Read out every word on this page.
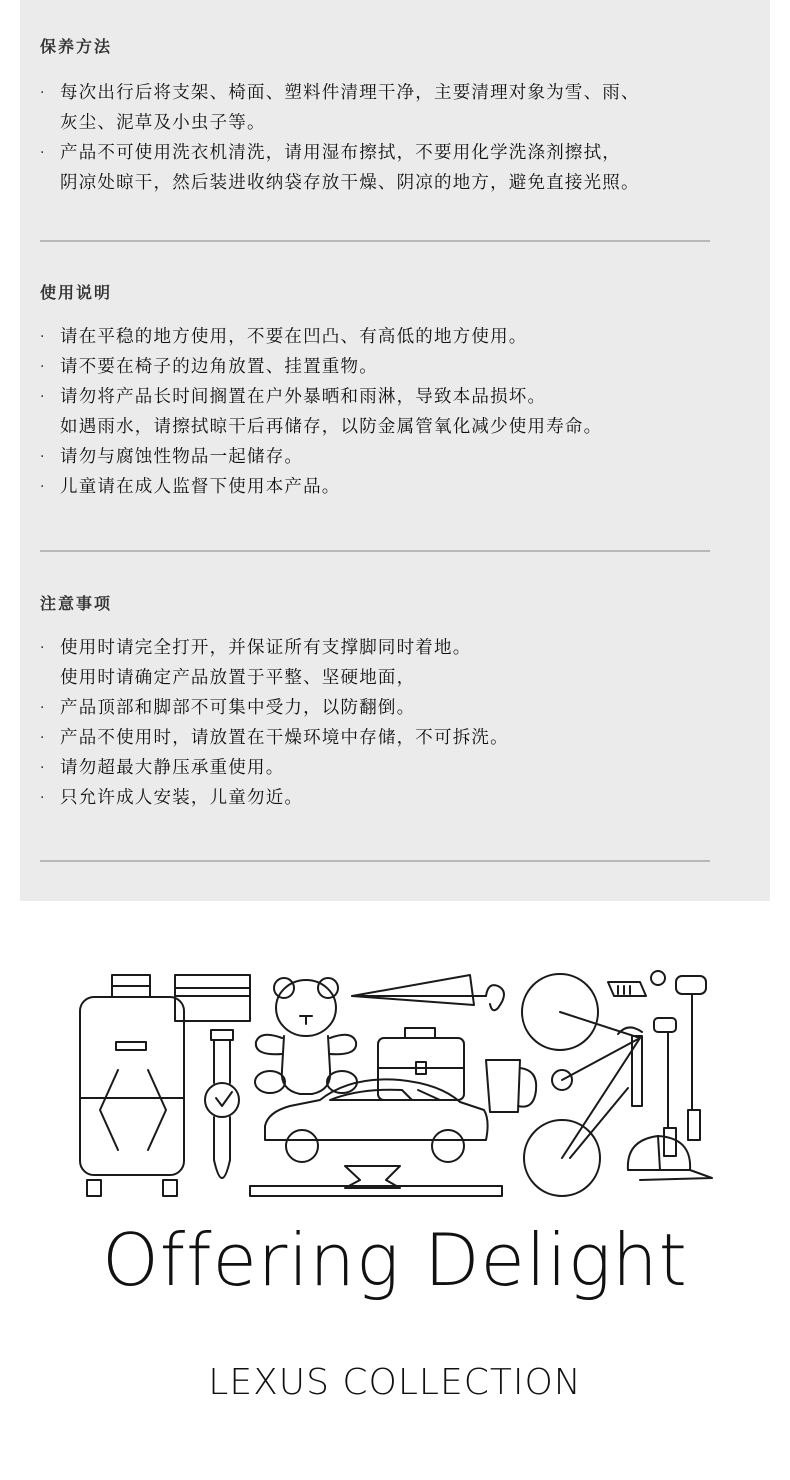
保养方法
· 每次出行后将支架、椅面、塑料件清理干净，主要清理对象为雪、雨、
灰尘、泥草及小虫子等。
· 产品不可使用洗衣机清洗，请用湿布擦拭，不要用化学洗涤剂擦拭，
阴凉处晾干，然后装进收纳袋存放干燥、阴凉的地方，避免直接光照。
使用说明
· 请在平稳的地方使用，不要在凹凸、有高低的地方使用。
· 请不要在椅子的边角放置、挂置重物。
· 请勿将产品长时间搁置在户外暴晒和雨淋，导致本品损坏。
如遇雨水，请擦拭晾干后再储存，以防金属管氧化减少使用寿命。
· 请勿与腐蚀性物品一起储存。
· 儿童请在成人监督下使用本产品。
注意事项
· 使用时请完全打开，并保证所有支撑脚同时着地。
使用时请确定产品放置于平整、坚硬地面，
· 产品顶部和脚部不可集中受力，以防翻倒。
· 产品不使用时，请放置在干燥环境中存储，不可拆洗。
· 请勿超最大静压承重使用。
· 只允许成人安装，儿童勿近。
Offering Delight
LEXUS COLLECTION
